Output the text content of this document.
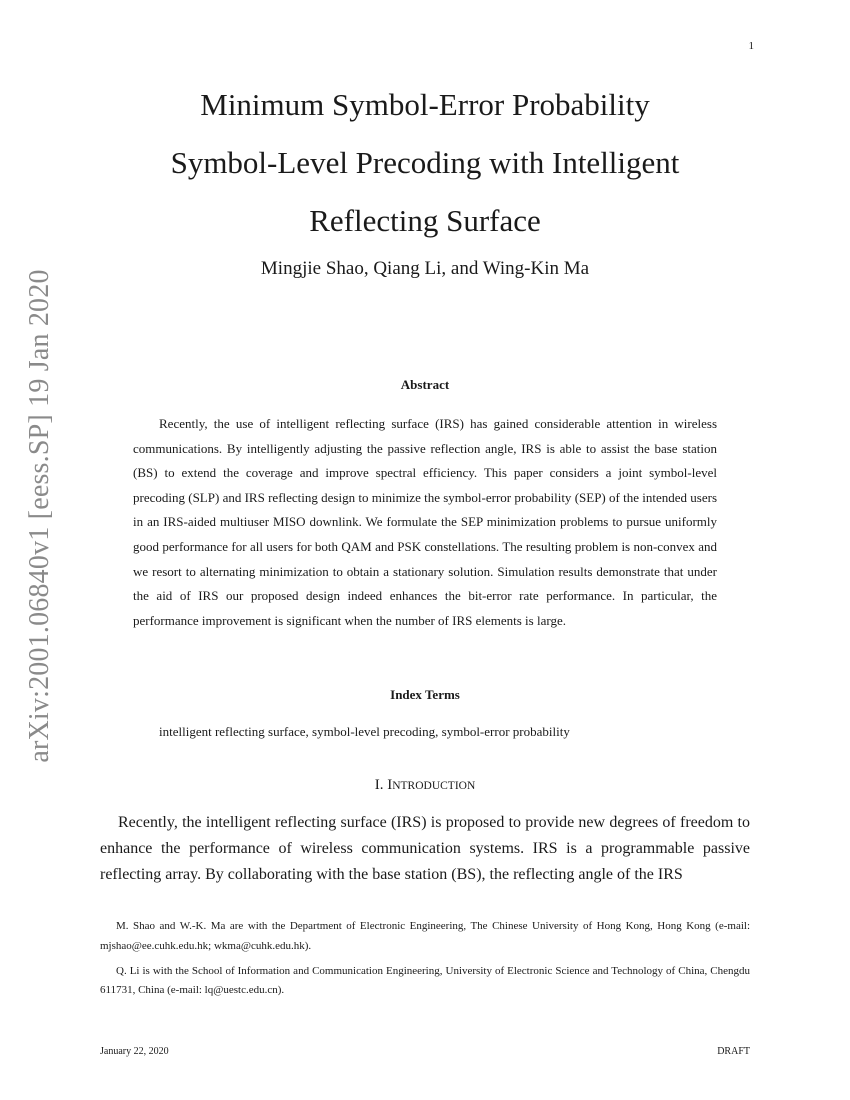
1
arXiv:2001.06840v1 [eess.SP] 19 Jan 2020
Minimum Symbol-Error Probability
Symbol-Level Precoding with Intelligent
Reflecting Surface
Mingjie Shao, Qiang Li, and Wing-Kin Ma
Abstract

Recently, the use of intelligent reflecting surface (IRS) has gained considerable attention in wireless communications. By intelligently adjusting the passive reflection angle, IRS is able to assist the base station (BS) to extend the coverage and improve spectral efficiency. This paper considers a joint symbol-level precoding (SLP) and IRS reflecting design to minimize the symbol-error probability (SEP) of the intended users in an IRS-aided multiuser MISO downlink. We formulate the SEP minimization problems to pursue uniformly good performance for all users for both QAM and PSK constellations. The resulting problem is non-convex and we resort to alternating minimization to obtain a stationary solution. Simulation results demonstrate that under the aid of IRS our proposed design indeed enhances the bit-error rate performance. In particular, the performance improvement is significant when the number of IRS elements is large.

Index Terms
intelligent reflecting surface, symbol-level precoding, symbol-error probability
I. INTRODUCTION

Recently, the intelligent reflecting surface (IRS) is proposed to provide new degrees of freedom to enhance the performance of wireless communication systems. IRS is a programmable passive reflecting array. By collaborating with the base station (BS), the reflecting angle of the IRS

M. Shao and W.-K. Ma are with the Department of Electronic Engineering, The Chinese University of Hong Kong, Hong Kong (e-mail: mjshao@ee.cuhk.edu.hk; wkma@cuhk.edu.hk).

Q. Li is with the School of Information and Communication Engineering, University of Electronic Science and Technology of China, Chengdu 611731, China (e-mail: lq@uestc.edu.cn).

January 22, 2020	DRAFT
